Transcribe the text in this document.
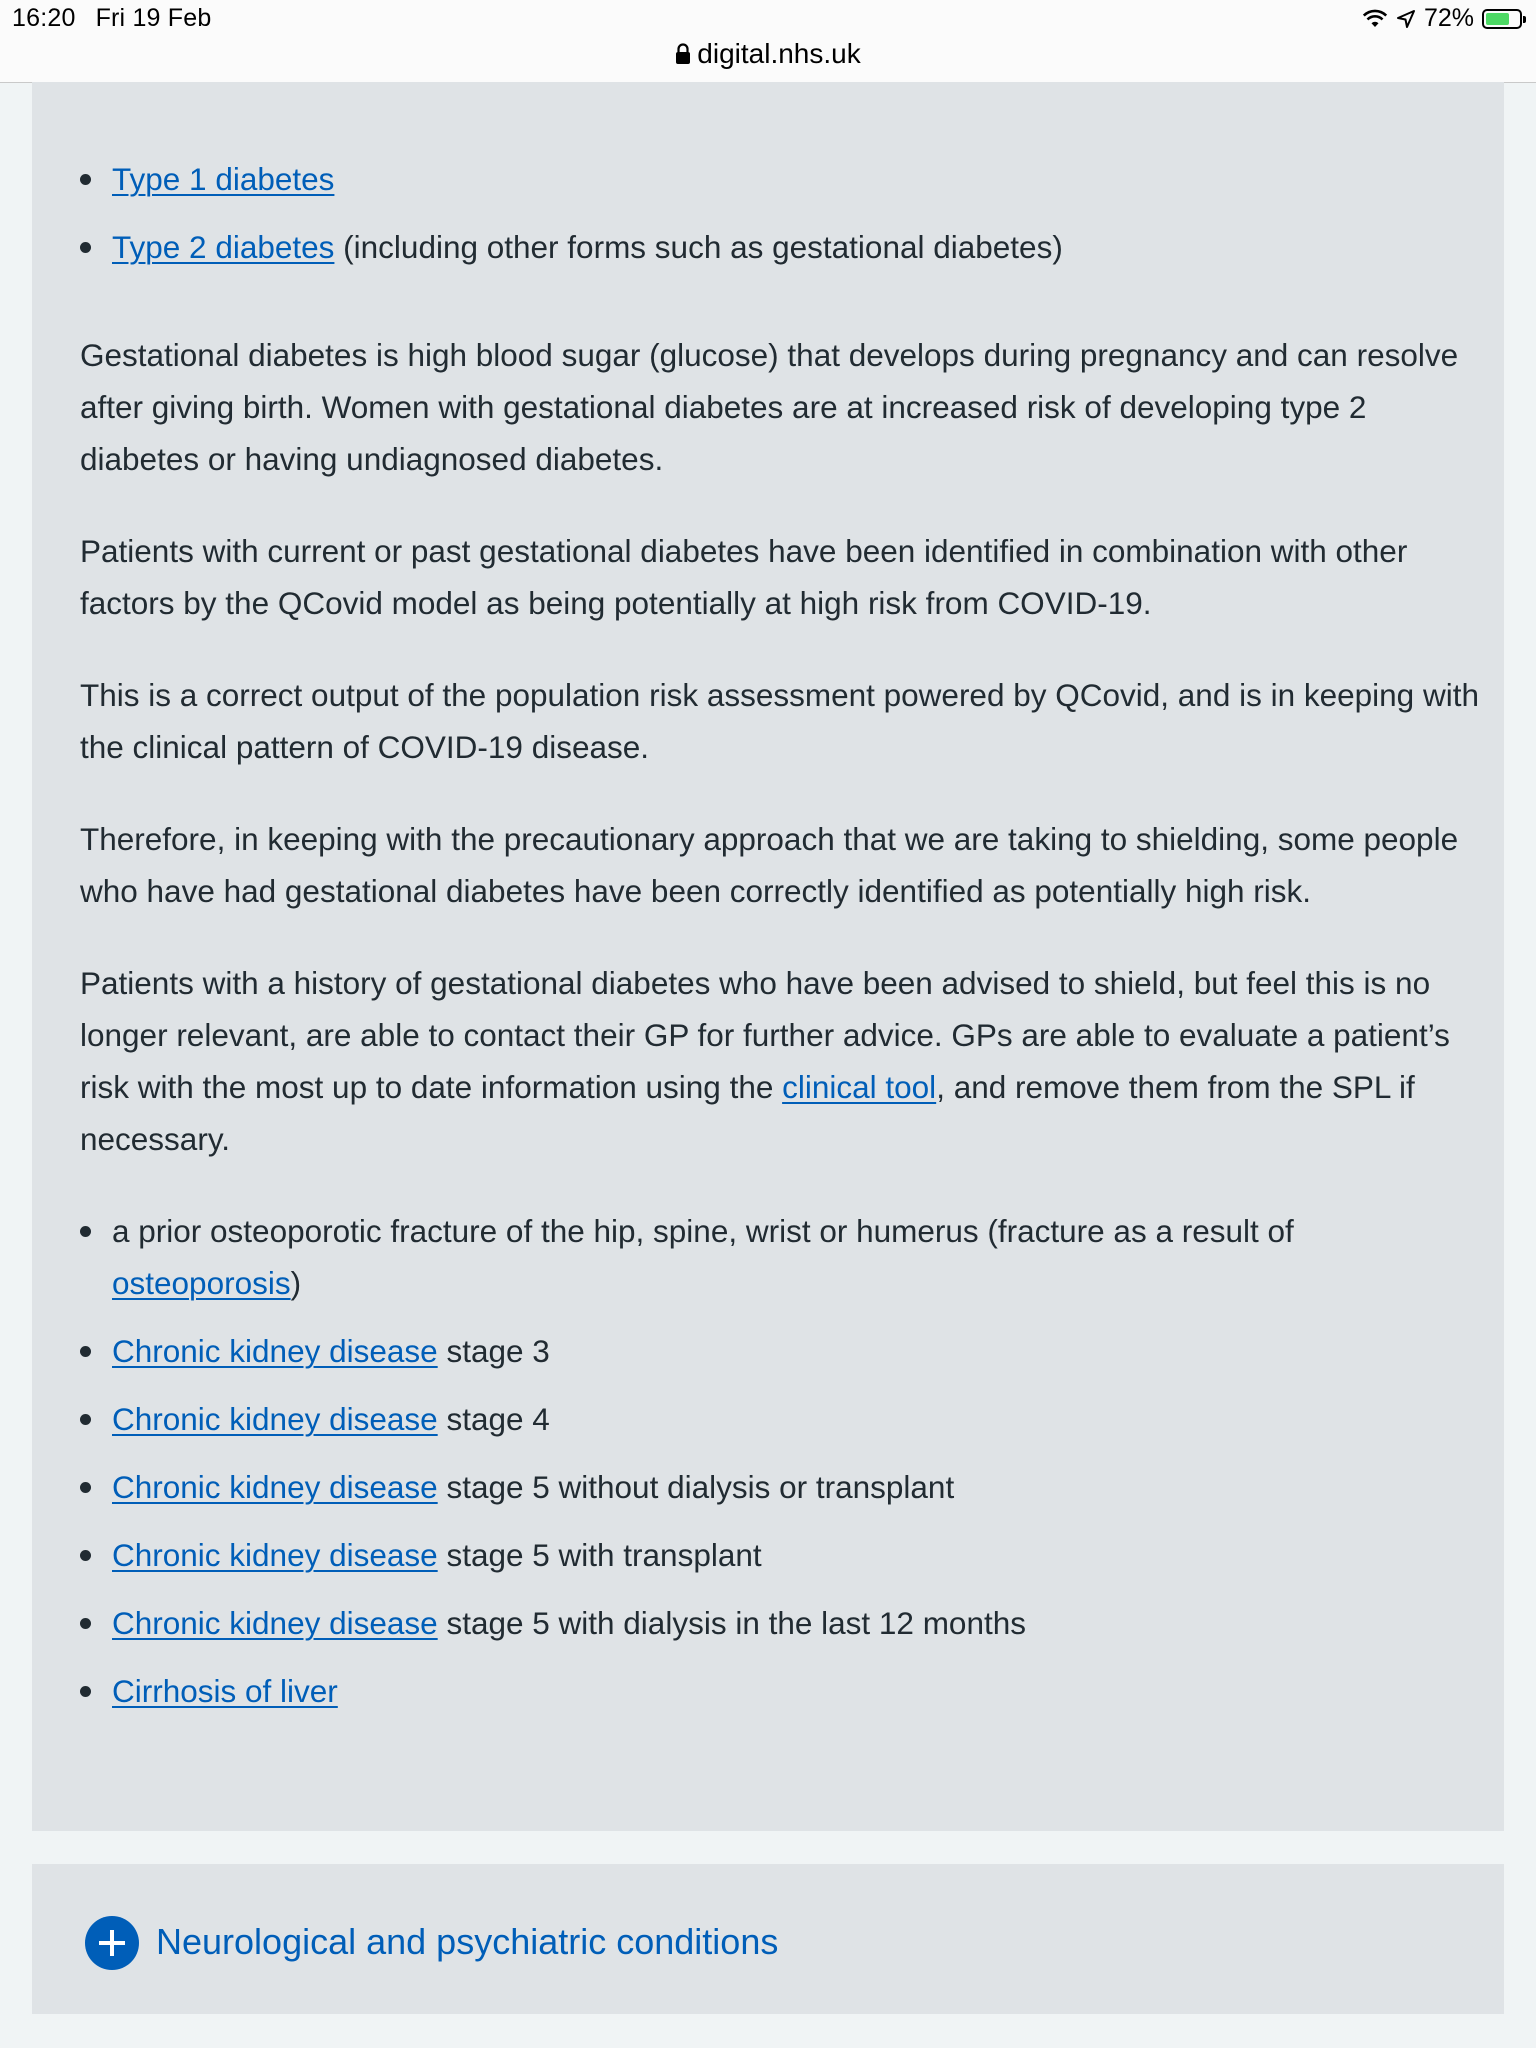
16:20 Fri 19 Feb	72%
digital.nhs.uk
Type 1 diabetes
Type 2 diabetes (including other forms such as gestational diabetes)

Gestational diabetes is high blood sugar (glucose) that develops during pregnancy and can resolve after giving birth. Women with gestational diabetes are at increased risk of developing type 2 diabetes or having undiagnosed diabetes.

Patients with current or past gestational diabetes have been identified in combination with other factors by the QCovid model as being potentially at high risk from COVID-19.

This is a correct output of the population risk assessment powered by QCovid, and is in keeping with the clinical pattern of COVID-19 disease.

Therefore, in keeping with the precautionary approach that we are taking to shielding, some people who have had gestational diabetes have been correctly identified as potentially high risk.

Patients with a history of gestational diabetes who have been advised to shield, but feel this is no longer relevant, are able to contact their GP for further advice. GPs are able to evaluate a patient’s risk with the most up to date information using the clinical tool, and remove them from the SPL if necessary.

a prior osteoporotic fracture of the hip, spine, wrist or humerus (fracture as a result of osteoporosis)
Chronic kidney disease stage 3
Chronic kidney disease stage 4
Chronic kidney disease stage 5 without dialysis or transplant
Chronic kidney disease stage 5 with transplant
Chronic kidney disease stage 5 with dialysis in the last 12 months
Cirrhosis of liver
Neurological and psychiatric conditions
